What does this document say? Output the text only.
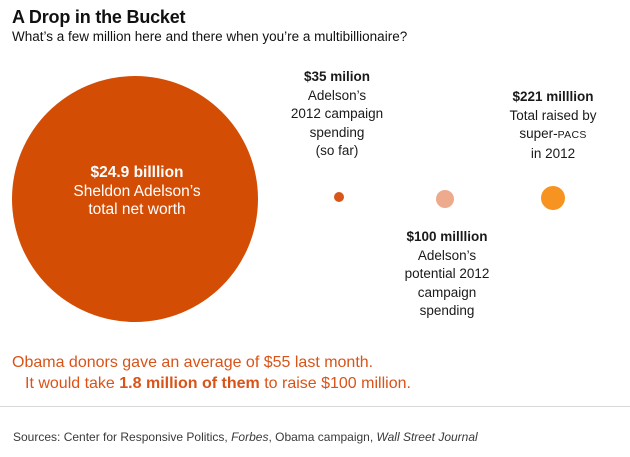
A Drop in the Bucket
What’s a few million here and there when you’re a multibillionaire?
$24.9 billlion
Sheldon Adelson’s
total net worth
$35 milion
Adelson’s
2012 campaign
spending
(so far)
$221 milllion
Total raised by
super-PACS
in 2012
$100 milllion
Adelson’s
potential 2012
campaign
spending
Obama donors gave an average of $55 last month.
It would take 1.8 million of them to raise $100 million.
Sources: Center for Responsive Politics, Forbes, Obama campaign, Wall Street Journal
